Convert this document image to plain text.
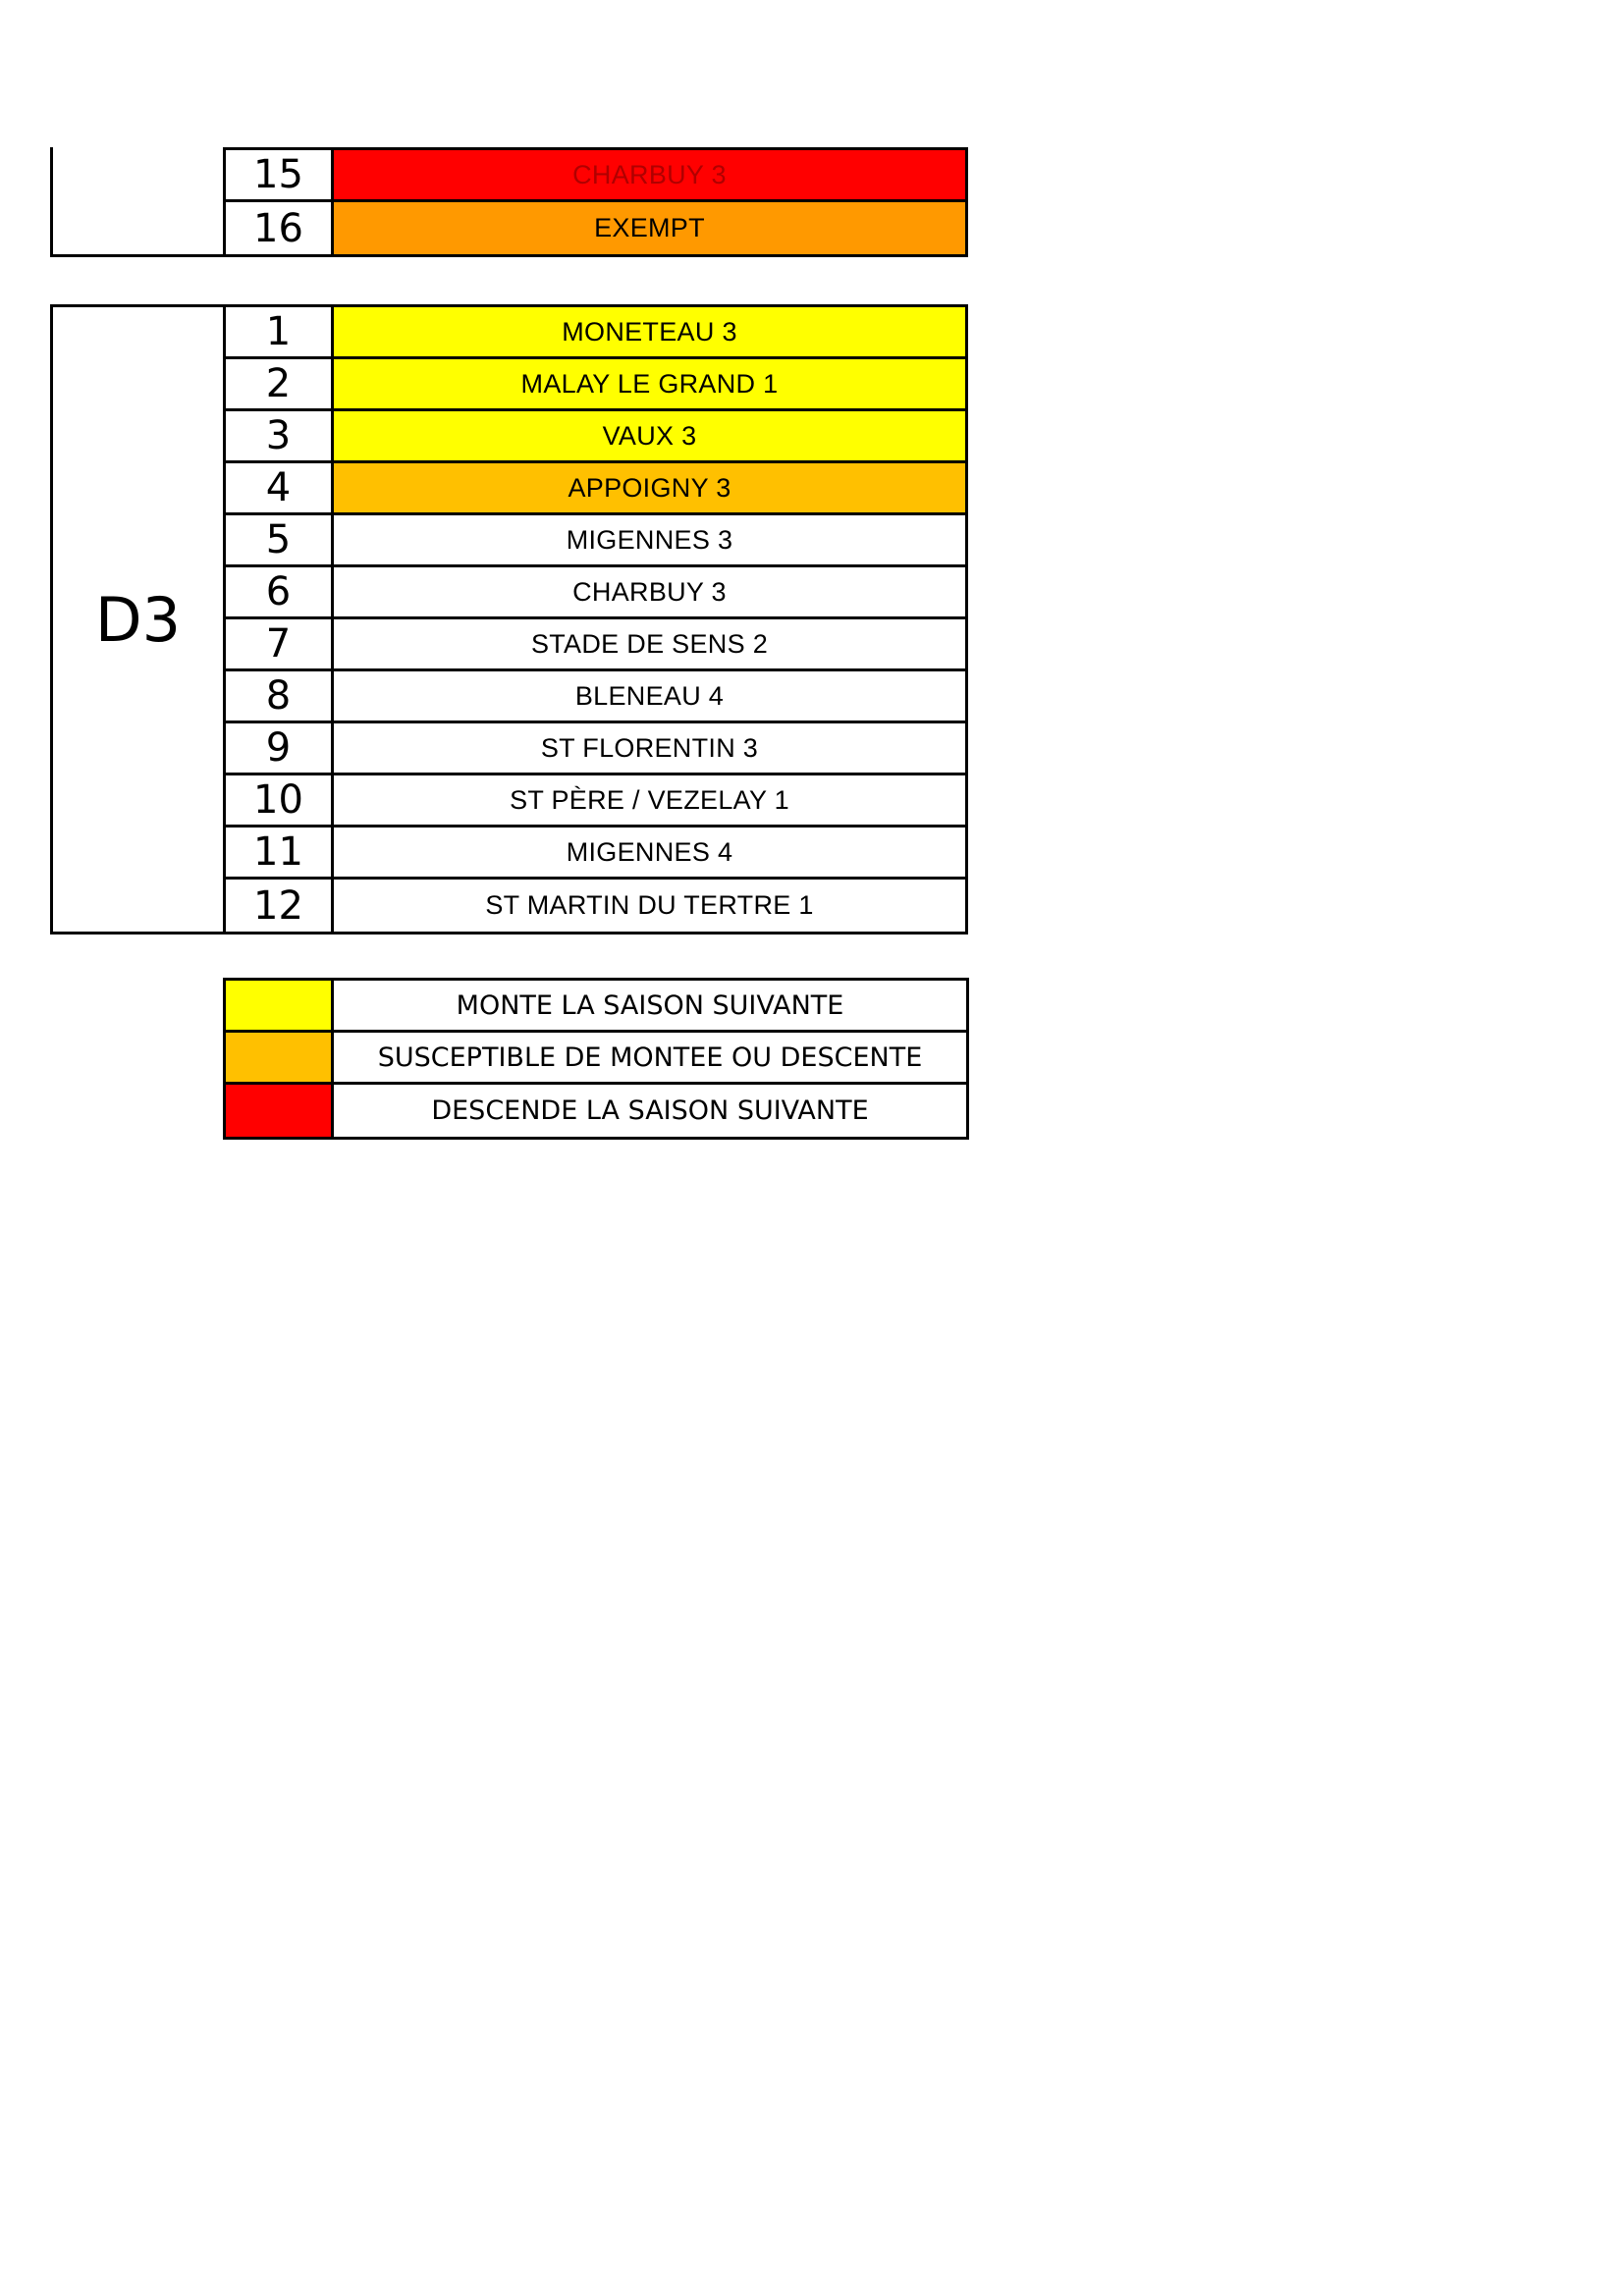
15	CHARBUY 3
16	EXEMPT
D3
1	MONETEAU 3
2	MALAY LE GRAND 1
3	VAUX 3
4	APPOIGNY 3
5	MIGENNES 3
6	CHARBUY 3
7	STADE DE SENS 2
8	BLENEAU 4
9	ST FLORENTIN 3
10	ST PÈRE / VEZELAY 1
11	MIGENNES 4
12	ST MARTIN DU TERTRE 1
MONTE LA SAISON SUIVANTE
SUSCEPTIBLE DE MONTEE OU DESCENTE
DESCENDE LA SAISON SUIVANTE
